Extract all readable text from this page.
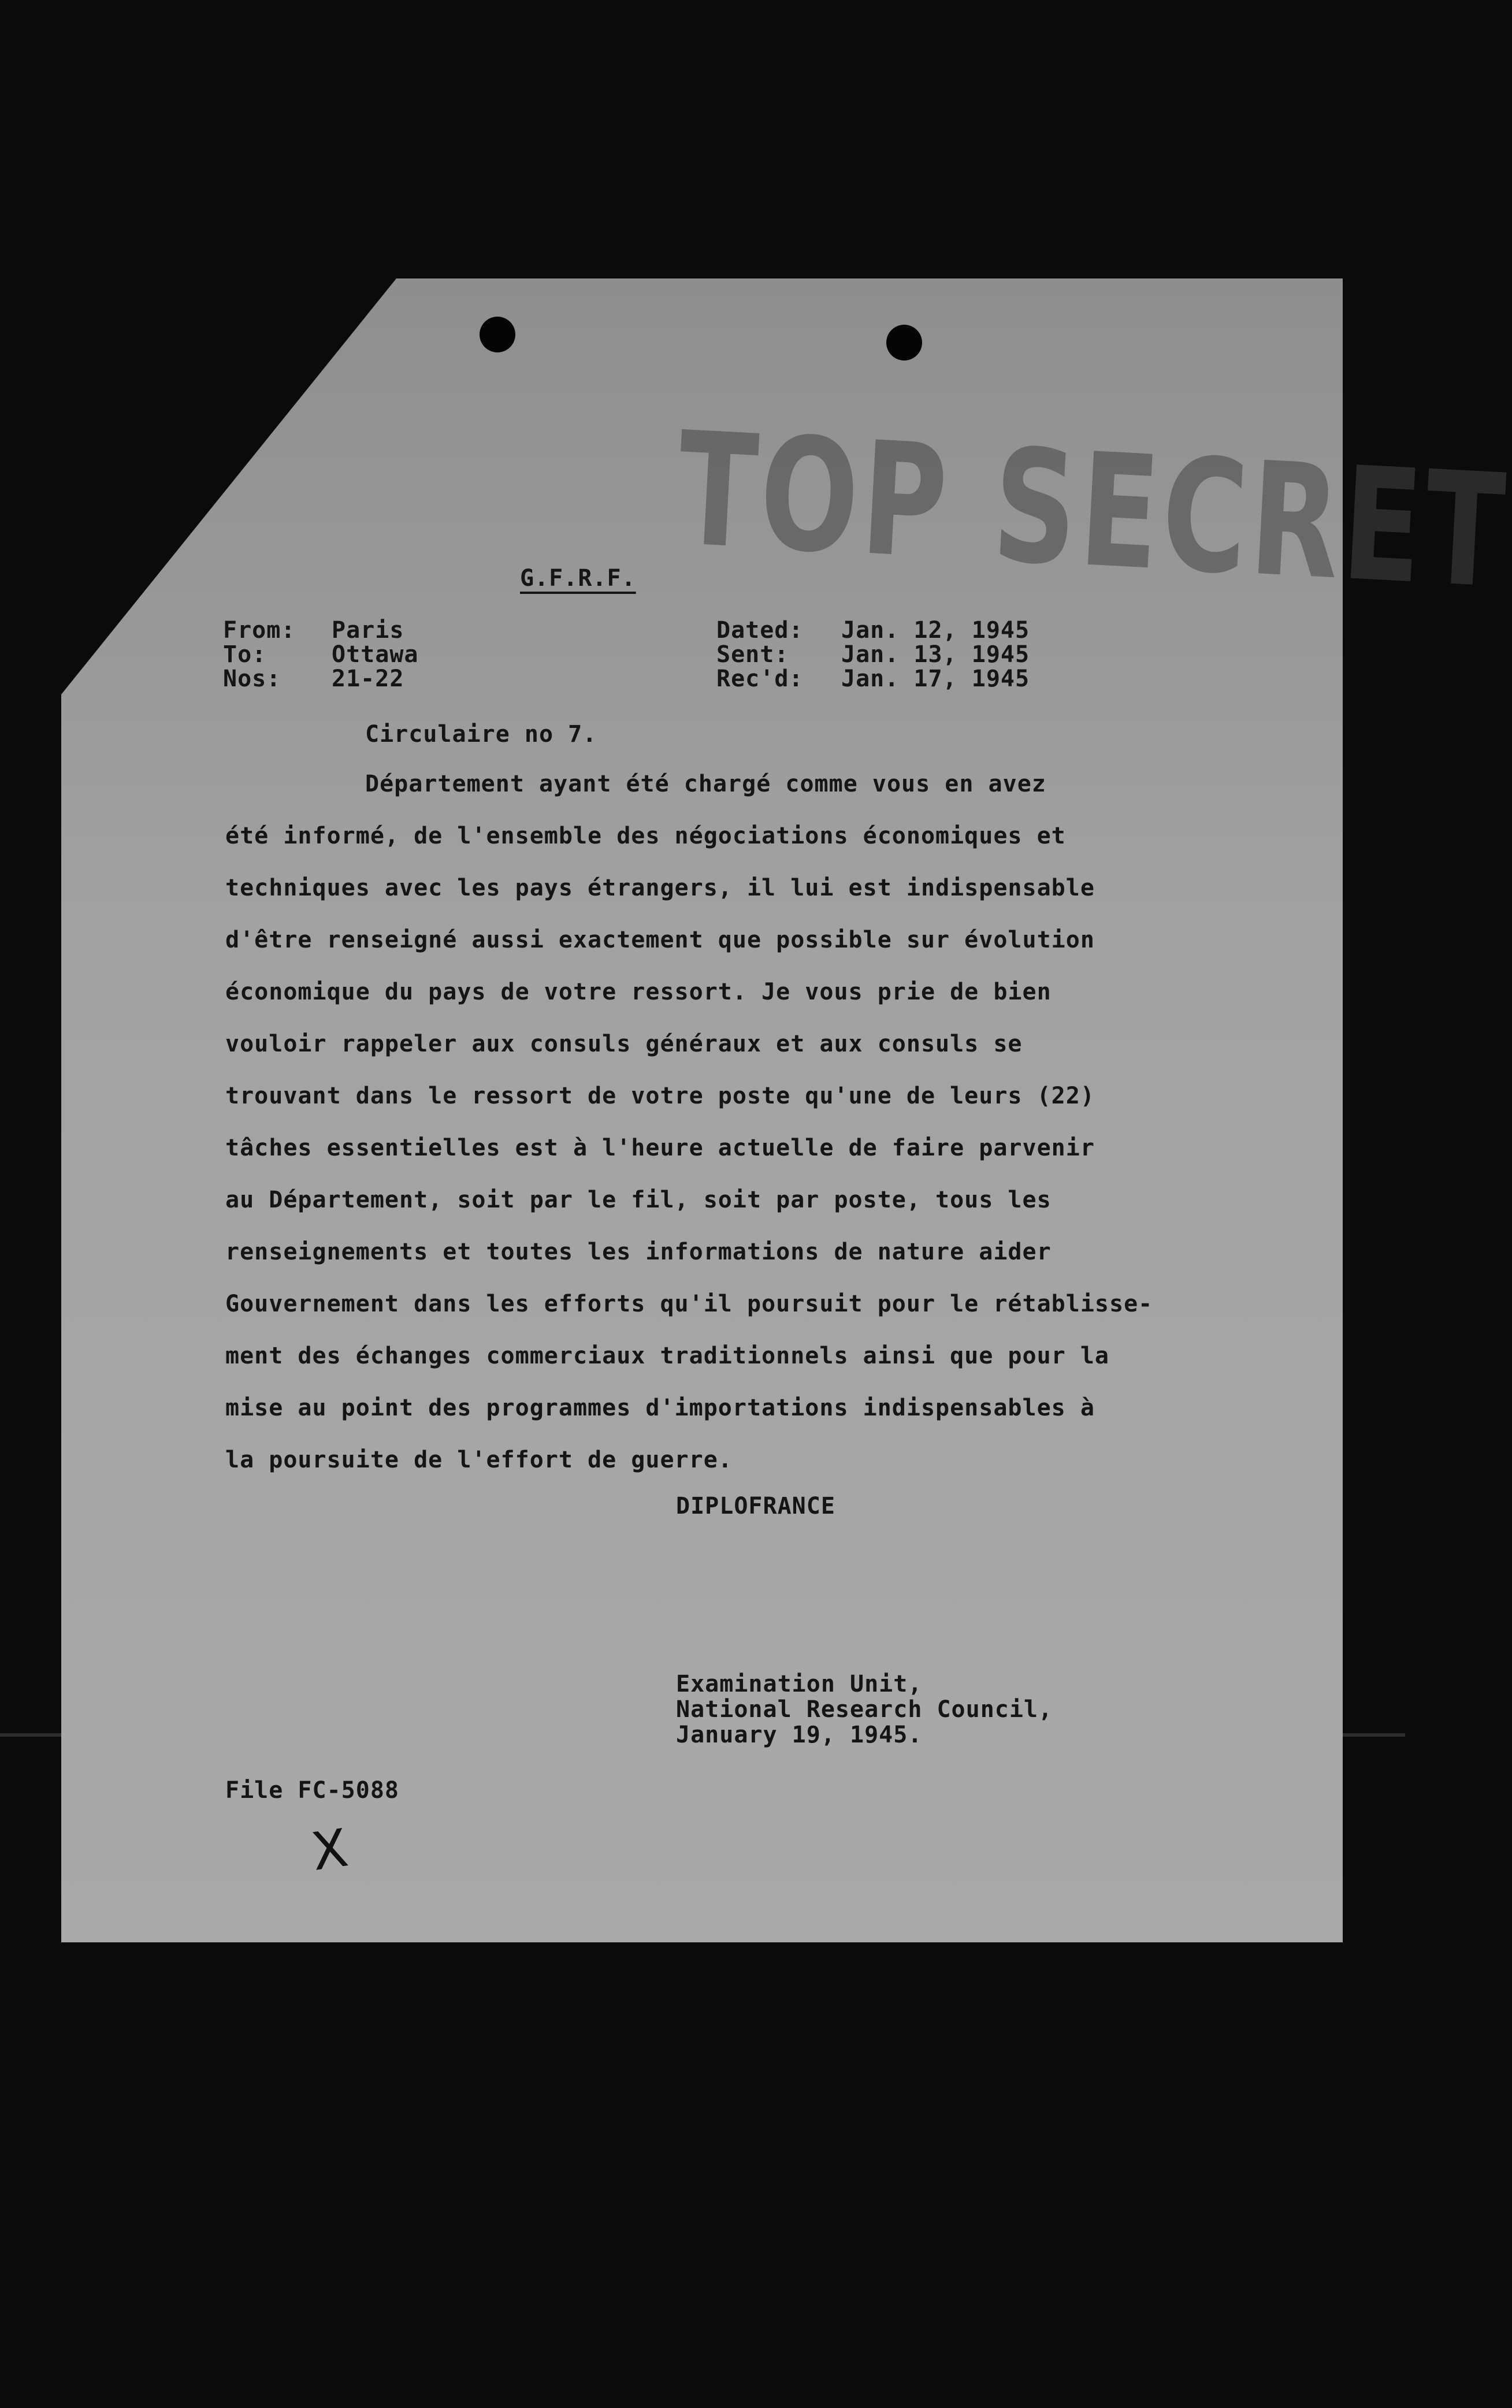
TOP SECRET
G.F.R.F.
From: Paris
To:	Ottawa
Nos: 21-22
Dated: Jan. 12, 1945
Sent: Jan. 13, 1945
Rec'd: Jan. 17, 1945
Circulaire no 7.
Département ayant été chargé comme vous en avez
été informé, de l'ensemble des négociations économiques et
techniques avec les pays étrangers, il lui est indispensable
d'être renseigné aussi exactement que possible sur évolution
économique du pays de votre ressort. Je vous prie de bien
vouloir rappeler aux consuls généraux et aux consuls se
trouvant dans le ressort de votre poste qu'une de leurs (22)
tâches essentielles est à l'heure actuelle de faire parvenir
au Département, soit par le fil, soit par poste, tous les
renseignements et toutes les informations de nature aider
Gouvernement dans les efforts qu'il poursuit pour le rétablisse-
ment des échanges commerciaux traditionnels ainsi que pour la
mise au point des programmes d'importations indispensables à
la poursuite de l'effort de guerre.
DIPLOFRANCE
Examination Unit,
National Research Council,
January 19, 1945.
File FC-5088
X
